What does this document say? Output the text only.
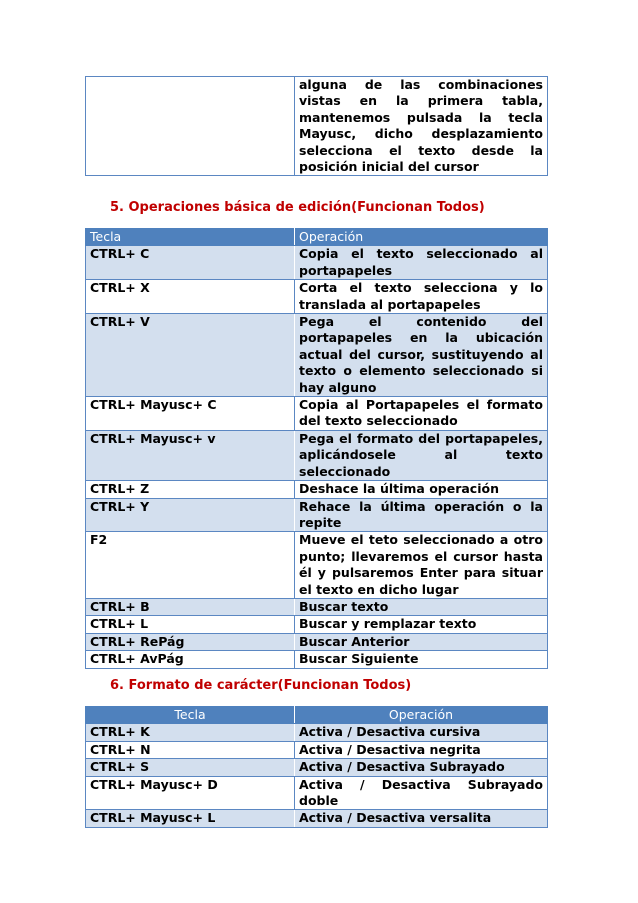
	alguna de las combinaciones vistas en la primera tabla, mantenemos pulsada la tecla Mayusc, dicho desplazamiento selecciona el texto desde la posición inicial del cursor
5. Operaciones básica de edición(Funcionan Todos)
Tecla	Operación
CTRL+ C	Copia el texto seleccionado al portapapeles
CTRL+ X	Corta el texto selecciona y lo translada al portapapeles
CTRL+ V	Pega el contenido del portapapeles en la ubicación actual del cursor, sustituyendo al texto o elemento seleccionado si hay alguno
CTRL+ Mayusc+ C	Copia al Portapapeles el formato del texto seleccionado
CTRL+ Mayusc+ v	Pega el formato del portapapeles, aplicándosele al texto seleccionado
CTRL+ Z	Deshace la última operación
CTRL+ Y	Rehace la última operación o la repite
F2	Mueve el teto seleccionado a otro punto; llevaremos el cursor hasta él y pulsaremos Enter para situar el texto en dicho lugar
CTRL+ B	Buscar texto
CTRL+ L	Buscar y remplazar texto
CTRL+ RePág	Buscar Anterior
CTRL+ AvPág	Buscar Siguiente
6. Formato de carácter(Funcionan Todos)
Tecla	Operación
CTRL+ K	Activa / Desactiva cursiva
CTRL+ N	Activa / Desactiva negrita
CTRL+ S	Activa / Desactiva Subrayado
CTRL+ Mayusc+ D	Activa / Desactiva Subrayado doble
CTRL+ Mayusc+ L	Activa / Desactiva versalita
